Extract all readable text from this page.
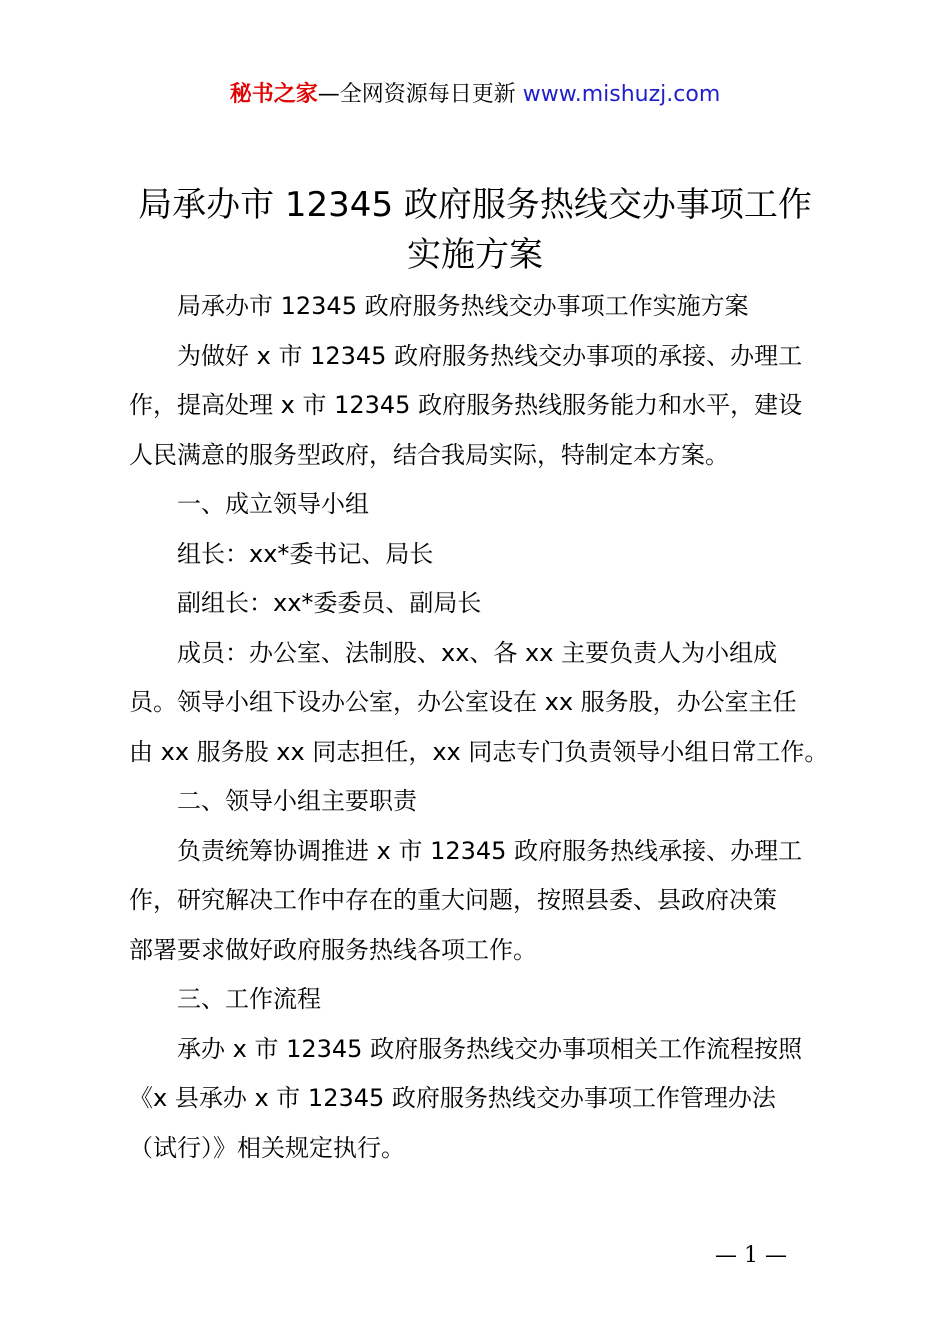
秘书之家—全网资源每日更新 www.mishuzj.com
局承办市 12345 政府服务热线交办事项工作
实施方案

局承办市 12345 政府服务热线交办事项工作实施方案

为做好 x 市 12345 政府服务热线交办事项的承接、办理工

作，提高处理 x 市 12345 政府服务热线服务能力和水平，建设

人民满意的服务型政府，结合我局实际，特制定本方案。

一、成立领导小组

组长：xx*委书记、局长

副组长：xx*委委员、副局长

成员：办公室、法制股、xx、各 xx 主要负责人为小组成

员。领导小组下设办公室，办公室设在 xx 服务股，办公室主任

由 xx 服务股 xx 同志担任，xx 同志专门负责领导小组日常工作。

二、领导小组主要职责

负责统筹协调推进 x 市 12345 政府服务热线承接、办理工

作，研究解决工作中存在的重大问题，按照县委、县政府决策

部署要求做好政府服务热线各项工作。

三、工作流程

承办 x 市 12345 政府服务热线交办事项相关工作流程按照

《x 县承办 x 市 12345 政府服务热线交办事项工作管理办法

（试行）》相关规定执行。

— 1 —
